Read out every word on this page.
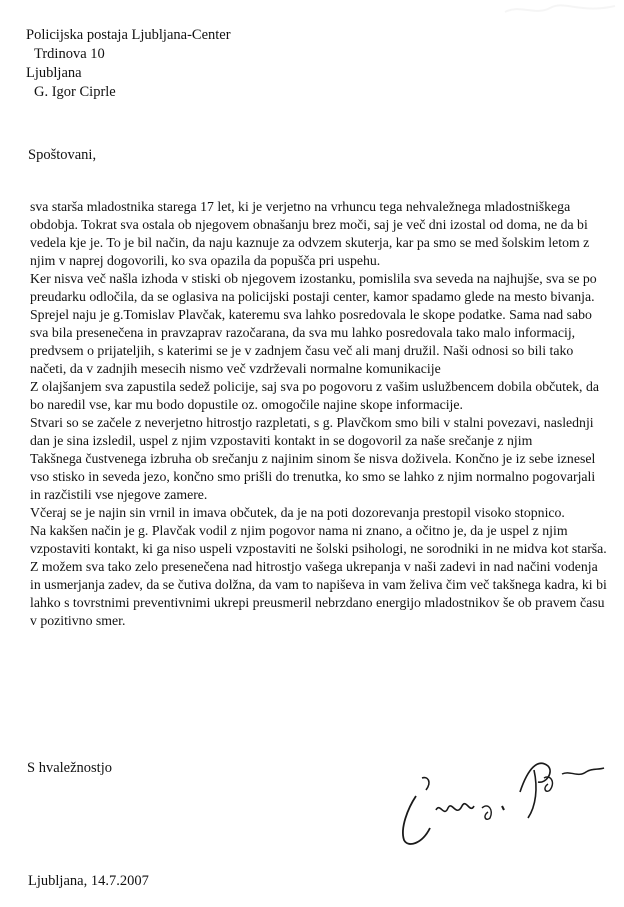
Policijska postaja Ljubljana-Center
Trdinova 10
Ljubljana
G. Igor Ciprle
Spoštovani,

sva starša mladostnika starega 17 let, ki je verjetno na vrhuncu tega nehvaležnega mladostniškega obdobja. Tokrat sva ostala ob njegovem obnašanju brez moči, saj je več dni izostal od doma, ne da bi vedela kje je. To je bil način, da naju kaznuje za odvzem skuterja, kar pa smo se med šolskim letom z njim v naprej dogovorili, ko sva opazila da popušča pri uspehu.

Ker nisva več našla izhoda v stiski ob njegovem izostanku, pomislila sva seveda na najhujše, sva se po preudarku odločila, da se oglasiva na policijski postaji center, kamor spadamo glede na mesto bivanja.

Sprejel naju je g.Tomislav Plavčak, kateremu sva lahko posredovala le skope podatke. Sama nad sabo sva bila presenečena in pravzaprav razočarana, da sva mu lahko posredovala tako malo informacij, predvsem o prijateljih, s katerimi se je v zadnjem času več ali manj družil. Naši odnosi so bili tako načeti, da v zadnjih mesecih nismo več vzdrževali normalne komunikacije

Z olajšanjem sva zapustila sedež policije, saj sva po pogovoru z vašim uslužbencem dobila občutek, da bo naredil vse, kar mu bodo dopustile oz. omogočile najine skope informacije.

Stvari so se začele z neverjetno hitrostjo razpletati, s g. Plavčkom smo bili v stalni povezavi, naslednji dan je sina izsledil, uspel z njim vzpostaviti kontakt in se dogovoril za naše srečanje z njim

Takšnega čustvenega izbruha ob srečanju z najinim sinom še nisva doživela. Končno je iz sebe iznesel vso stisko in seveda jezo, končno smo prišli do trenutka, ko smo se lahko z njim normalno pogovarjali in razčistili vse njegove zamere.

Včeraj se je najin sin vrnil in imava občutek, da je na poti dozorevanja prestopil visoko stopnico.

Na kakšen način je g. Plavčak vodil z njim pogovor nama ni znano, a očitno je, da je uspel z njim vzpostaviti kontakt, ki ga niso uspeli vzpostaviti ne šolski psihologi, ne sorodniki in ne midva kot starša.

Z možem sva tako zelo presenečena nad hitrostjo vašega ukrepanja v naši zadevi in nad načini vodenja in usmerjanja zadev, da se čutiva dolžna, da vam to napiševa in vam želiva čim več takšnega kadra, ki bi lahko s tovrstnimi preventivnimi ukrepi preusmeril nebrzdano energijo mladostnikov še ob pravem času v pozitivno smer.

S hvaležnostjo
Ljubljana, 14.7.2007
